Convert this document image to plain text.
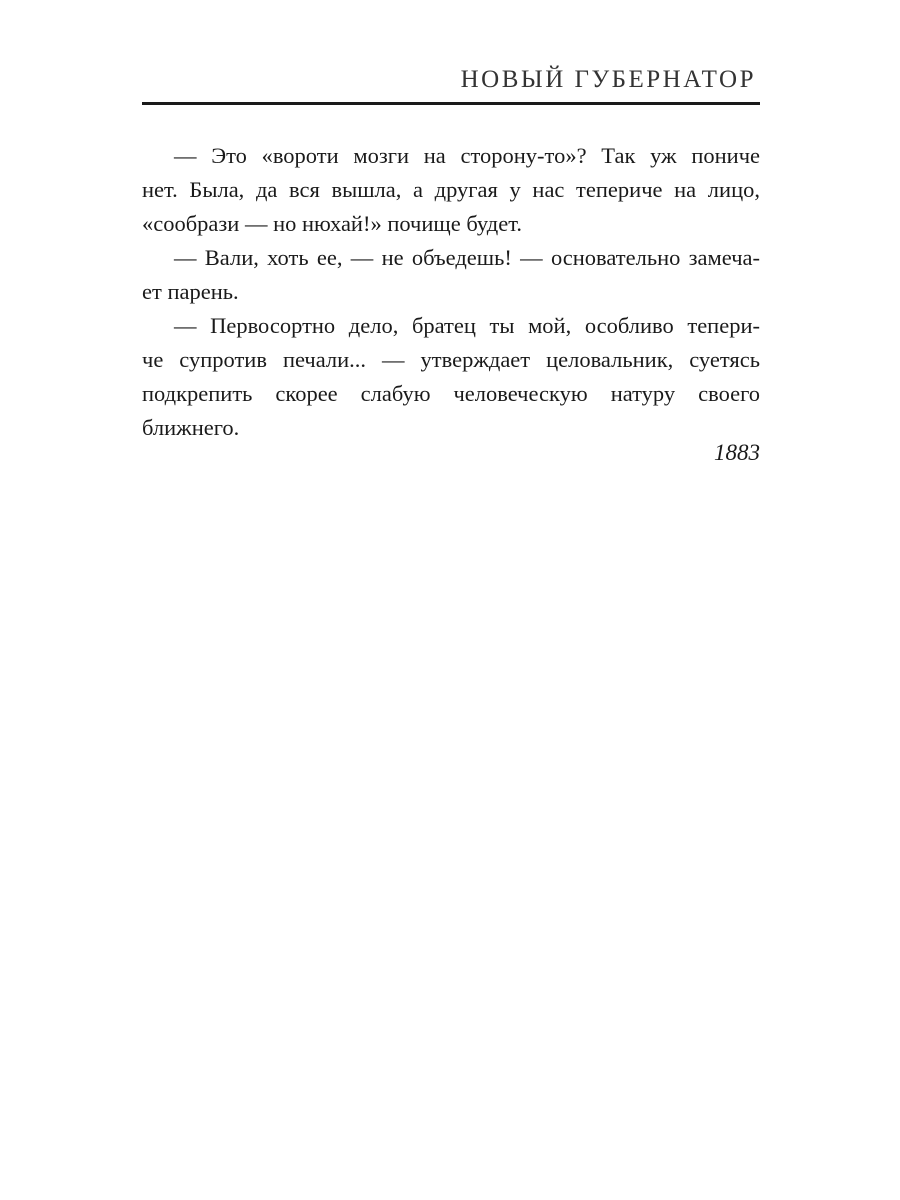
НОВЫЙ ГУБЕРНАТОР
— Это «вороти мозги на сторону-то»? Так уж поничe
нет. Была, да вся вышла, а другая у нас тепериче на лицо,
«сообрази — но нюхай!» почище будет.
— Вали, хоть ее, — не объедешь! — основательно замеча-
ет парень.
— Первосортно дело, братец ты мой, особливо тепери-
че супротив печали... — утверждает целовальник, суетясь
подкрепить скорее слабую человеческую натуру своего
ближнего.
1883
